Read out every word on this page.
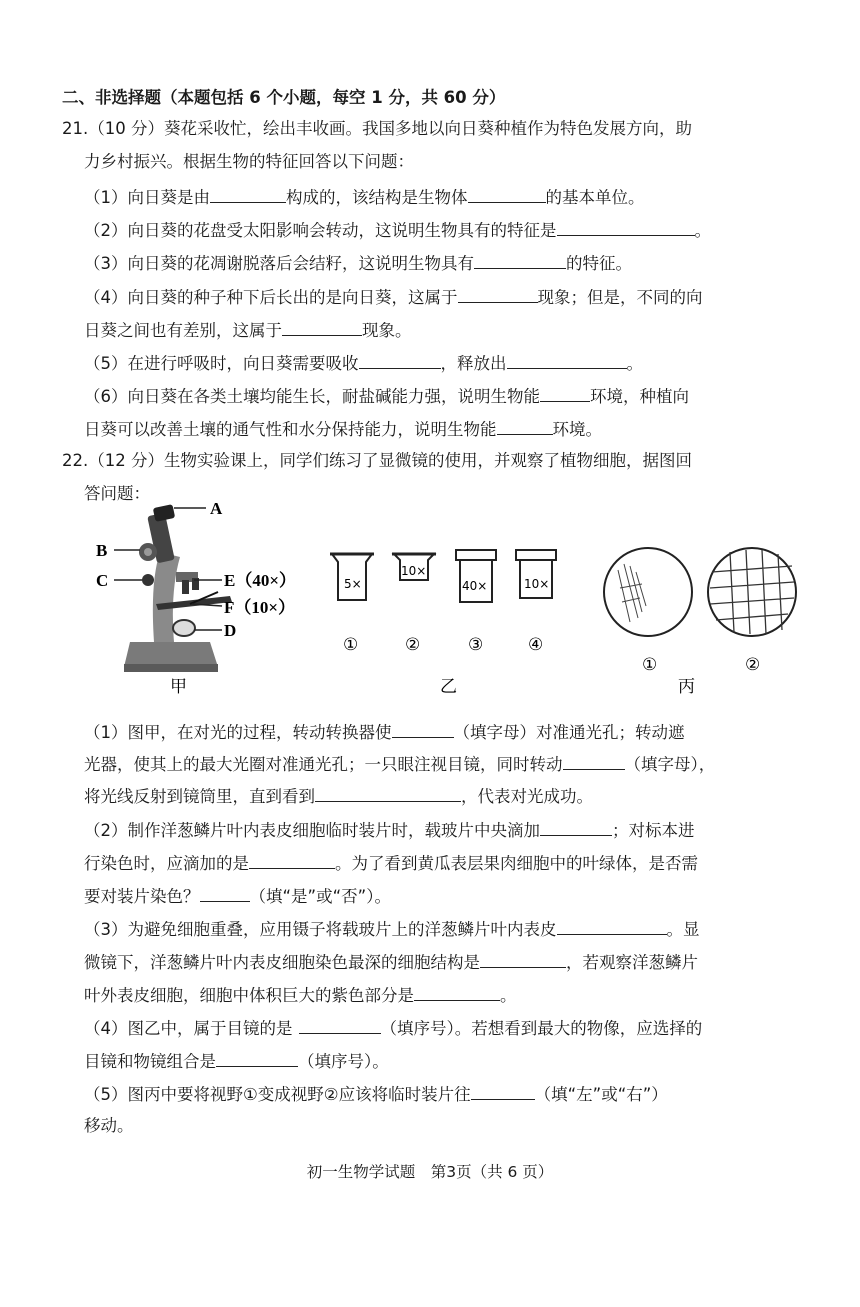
二、非选择题（本题包括 6 个小题，每空 1 分，共 60 分）
21.（10 分）葵花采收忙，绘出丰收画。我国多地以向日葵种植作为特色发展方向，助
力乡村振兴。根据生物的特征回答以下问题：
（1）向日葵是由	构成的，该结构是生物体	的基本单位。
（2）向日葵的花盘受太阳影响会转动，这说明生物具有的特征是	。
（3）向日葵的花凋谢脱落后会结籽，这说明生物具有	的特征。
（4）向日葵的种子种下后长出的是向日葵，这属于	现象；但是，不同的向
日葵之间也有差别，这属于	现象。
（5）在进行呼吸时，向日葵需要吸收	，释放出	。
（6）向日葵在各类土壤均能生长，耐盐碱能力强，说明生物能	环境，种植向
日葵可以改善土壤的通气性和水分保持能力，说明生物能	环境。
22.（12 分）生物实验课上，同学们练习了显微镜的使用，并观察了植物细胞，据图回
答问题：
A
B
C	E（40×）
F（10×）
D
甲
5×
10×
40×	10×
①	②	③	④
乙
①	②
丙
（1）图甲，在对光的过程，转动转换器使	（填字母）对准通光孔；转动遮
光器，使其上的最大光圈对准通光孔；一只眼注视目镜，同时转动	（填字母），
将光线反射到镜筒里，直到看到	，代表对光成功。
（2）制作洋葱鳞片叶内表皮细胞临时装片时，载玻片中央滴加	；对标本进
行染色时，应滴加的是	。为了看到黄瓜表层果肉细胞中的叶绿体，是否需
要对装片染色？	（填“是”或“否”）。
（3）为避免细胞重叠，应用镊子将载玻片上的洋葱鳞片叶内表皮	。显
微镜下，洋葱鳞片叶内表皮细胞染色最深的细胞结构是	，若观察洋葱鳞片
叶外表皮细胞，细胞中体积巨大的紫色部分是	。
（4）图乙中，属于目镜的是	（填序号）。若想看到最大的物像，应选择的
目镜和物镜组合是	（填序号）。
（5）图丙中要将视野①变成视野②应该将临时装片往	（填“左”或“右”）
移动。
初一生物学试题　第3页（共 6 页）
